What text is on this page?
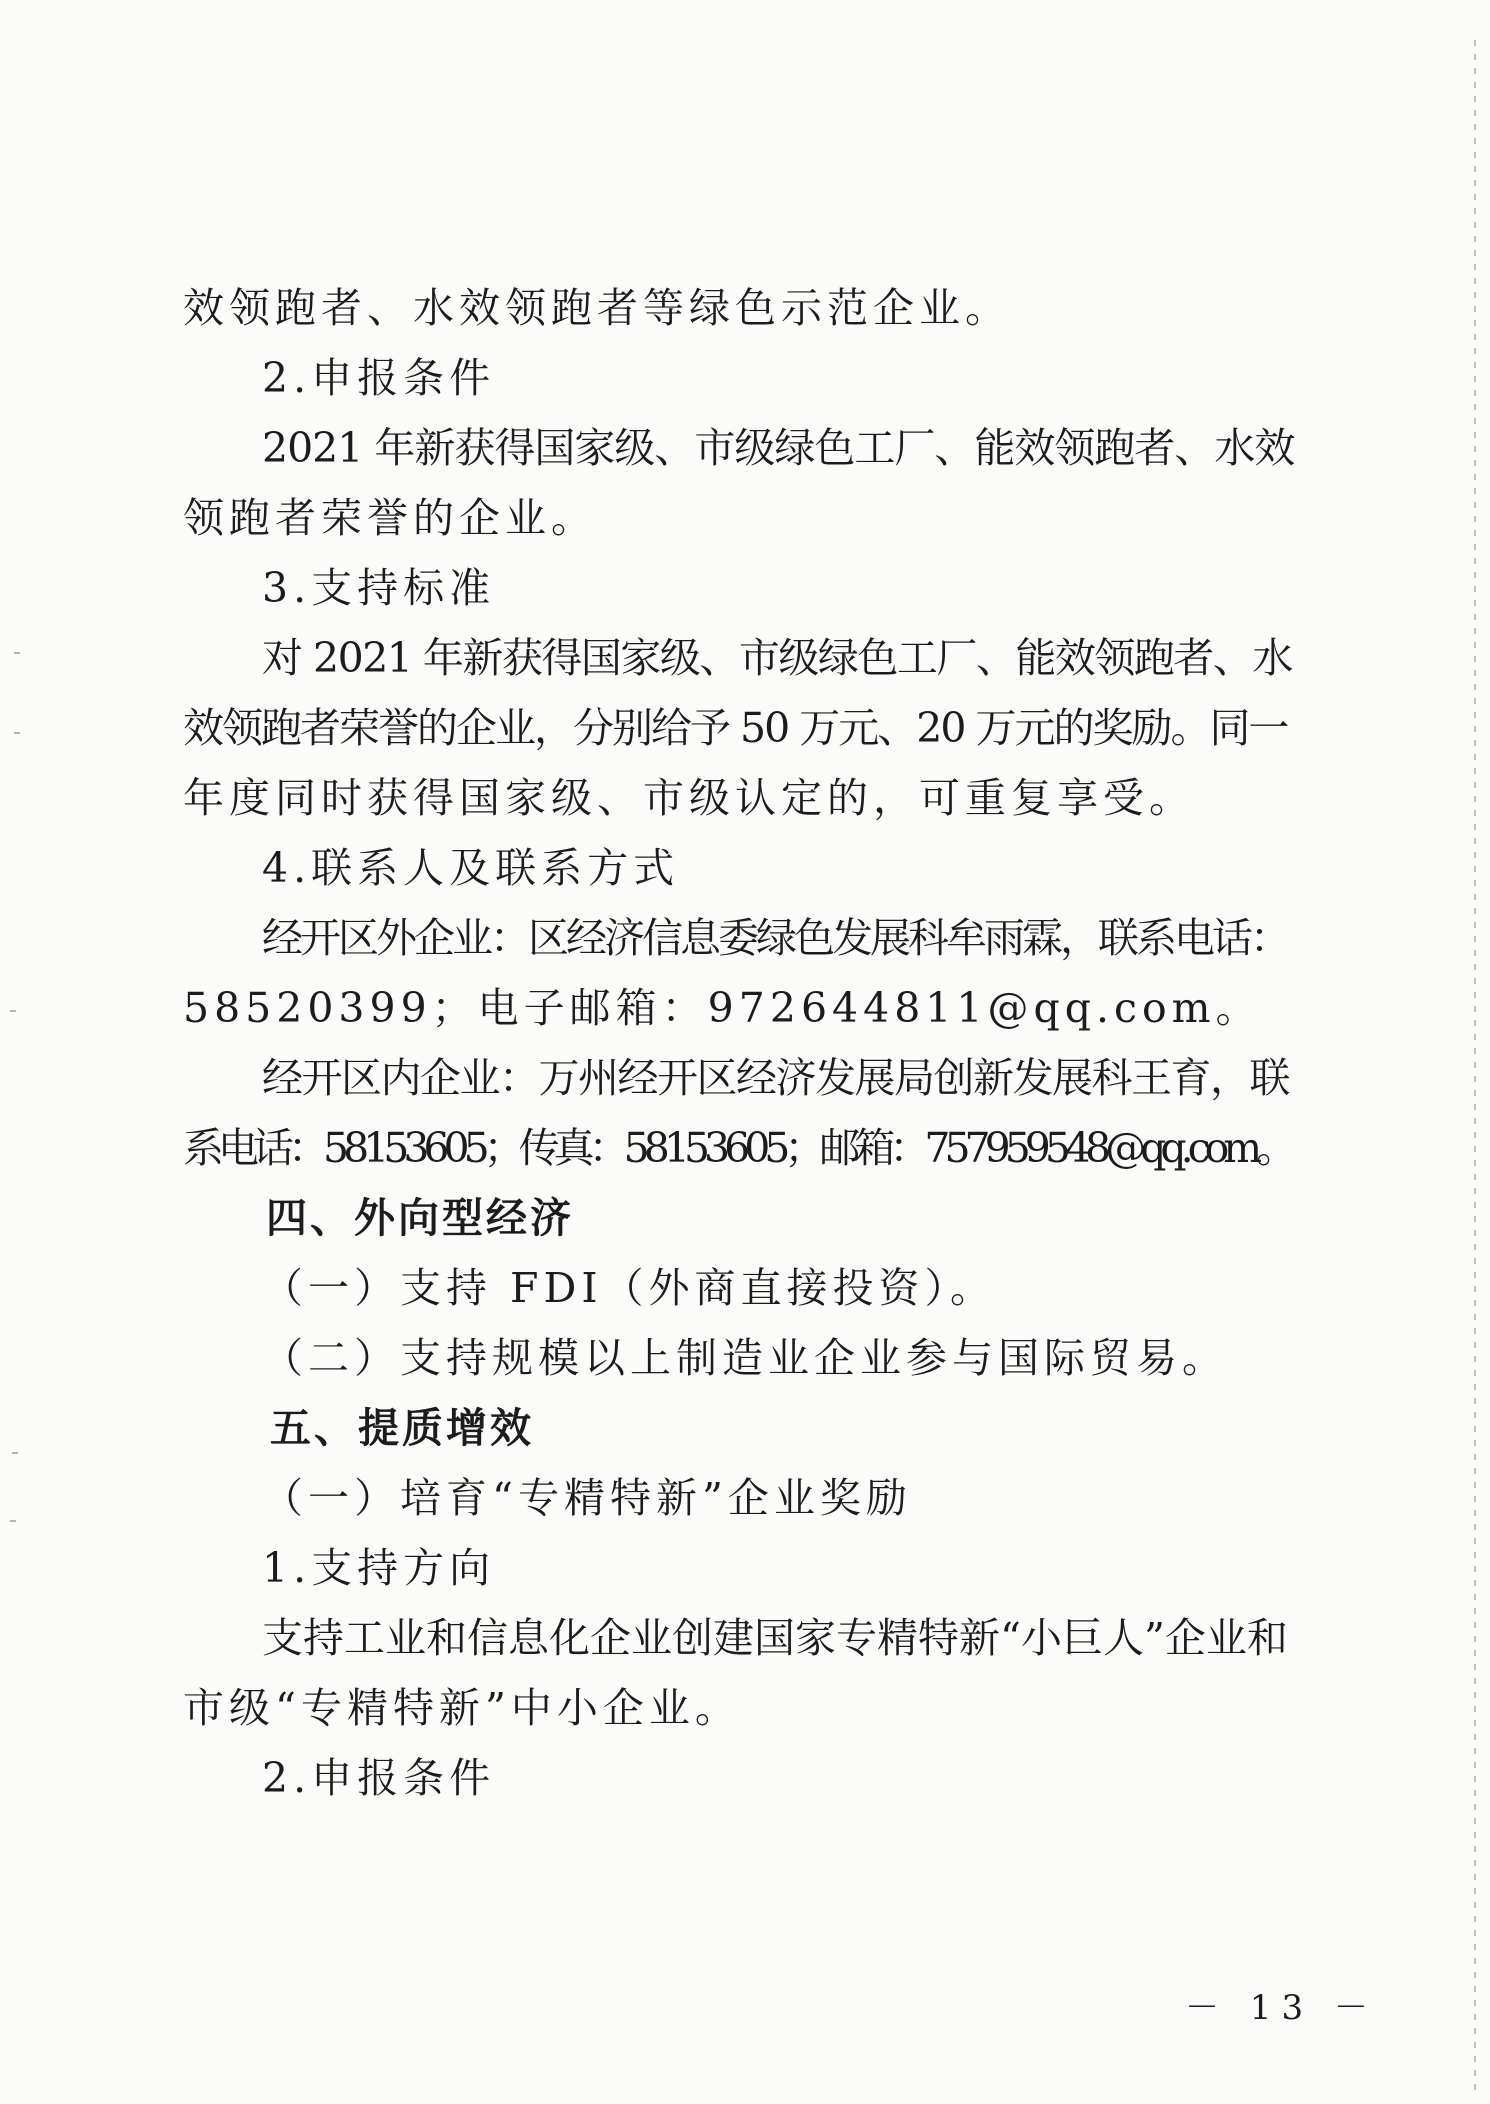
效领跑者、水效领跑者等绿色示范企业。
2.申报条件
2021 年新获得国家级、市级绿色工厂、能效领跑者、水效
领跑者荣誉的企业。
3.支持标准
对 2021 年新获得国家级、市级绿色工厂、能效领跑者、水
效领跑者荣誉的企业，分别给予 50 万元、20 万元的奖励。同一
年度同时获得国家级、市级认定的，可重复享受。
4.联系人及联系方式
经开区外企业：区经济信息委绿色发展科牟雨霖，联系电话：
58520399；电子邮箱：972644811@qq.com。
经开区内企业：万州经开区经济发展局创新发展科王育，联
系电话：58153605；传真：58153605；邮箱：757959548@qq.com。
四、外向型经济
（一）支持 FDI（外商直接投资）。
（二）支持规模以上制造业企业参与国际贸易。
五、提质增效
（一）培育“专精特新”企业奖励
1.支持方向
支持工业和信息化企业创建国家专精特新“小巨人”企业和
市级“专精特新”中小企业。
2.申报条件
－ 13 －
